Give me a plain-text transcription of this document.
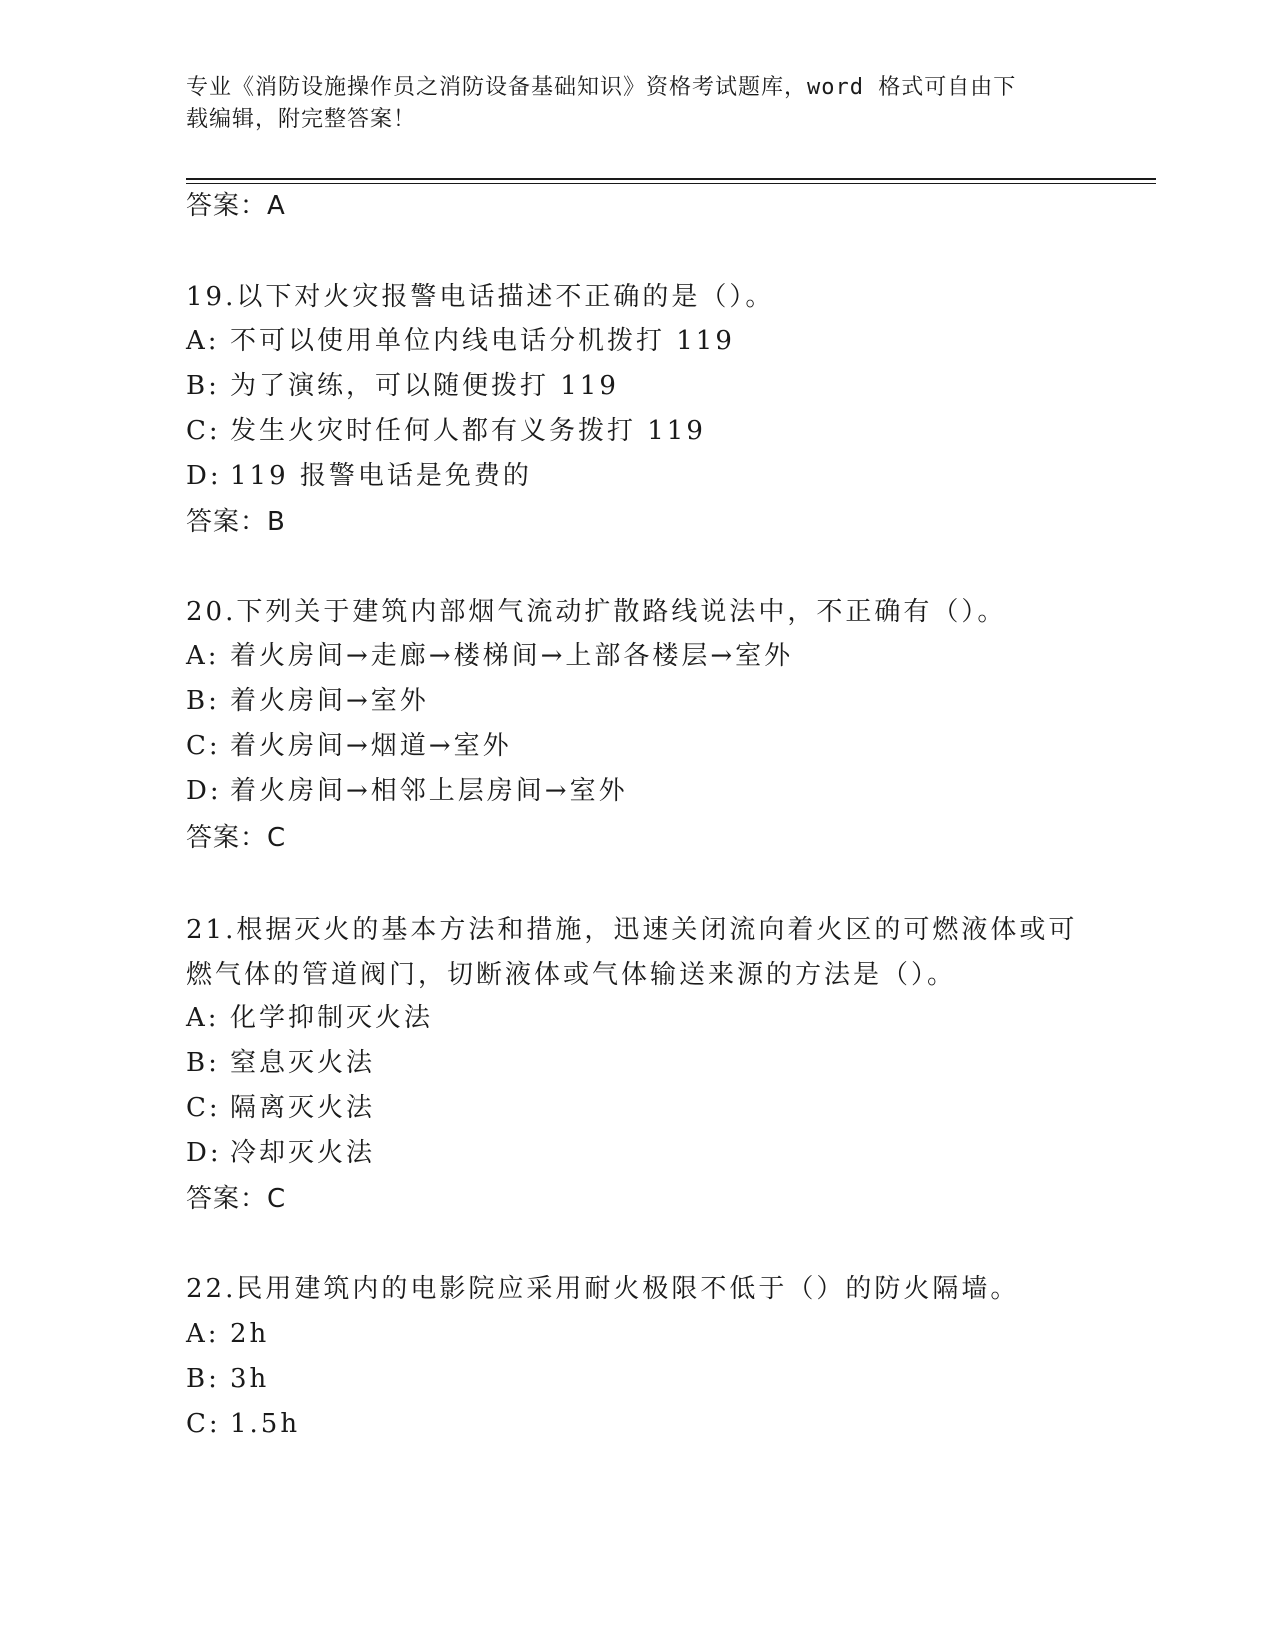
专业《消防设施操作员之消防设备基础知识》资格考试题库，word 格式可自由下
载编辑，附完整答案！
答案：A
19.以下对火灾报警电话描述不正确的是（）。
A: 不可以使用单位内线电话分机拨打 119
B: 为了演练，可以随便拨打 119
C: 发生火灾时任何人都有义务拨打 119
D: 119 报警电话是免费的
答案：B
20.下列关于建筑内部烟气流动扩散路线说法中，不正确有（）。
A: 着火房间→走廊→楼梯间→上部各楼层→室外
B: 着火房间→室外
C: 着火房间→烟道→室外
D: 着火房间→相邻上层房间→室外
答案：C
21.根据灭火的基本方法和措施，迅速关闭流向着火区的可燃液体或可燃气体的管道阀门，切断液体或气体输送来源的方法是（）。
A: 化学抑制灭火法
B: 窒息灭火法
C: 隔离灭火法
D: 冷却灭火法
答案：C
22.民用建筑内的电影院应采用耐火极限不低于（）的防火隔墙。
A: 2h
B: 3h
C: 1.5h
